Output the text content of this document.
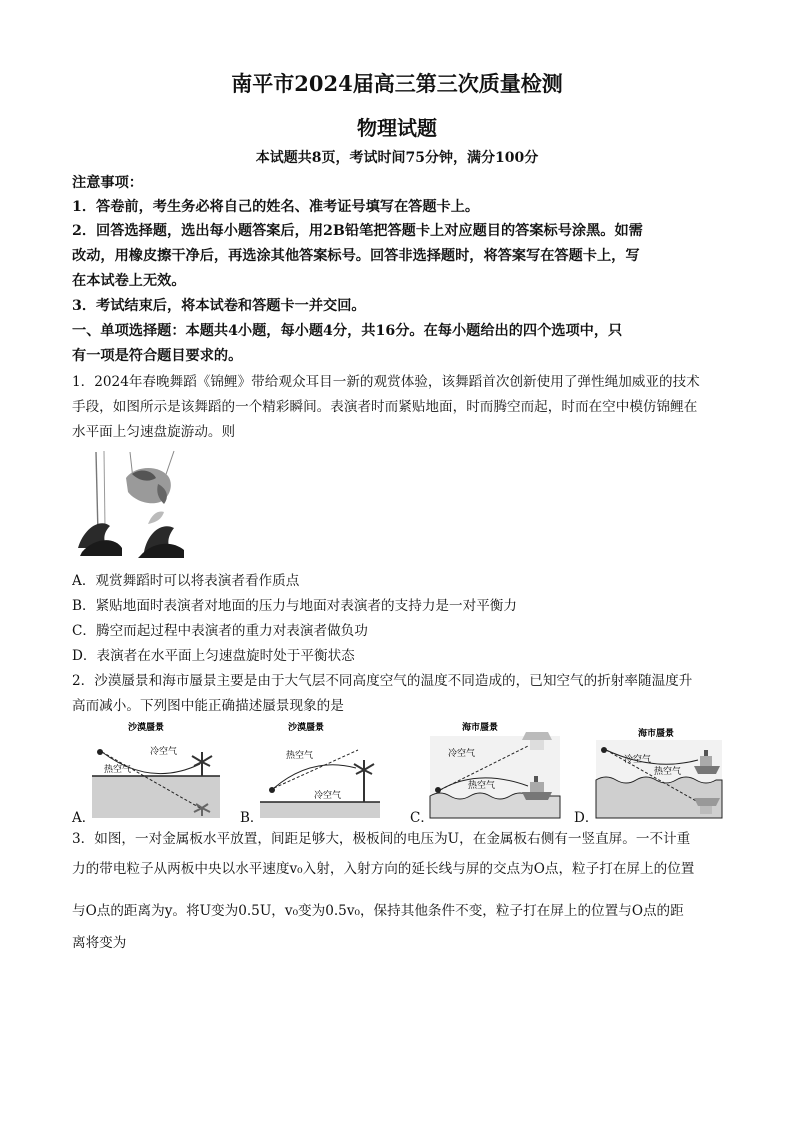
南平市2024届高三第三次质量检测
物理试题
本试题共8页，考试时间75分钟，满分100分
注意事项：
1．答卷前，考生务必将自己的姓名、准考证号填写在答题卡上。
2．回答选择题，选出每小题答案后，用2B铅笔把答题卡上对应题目的答案标号涂黑。如需
改动，用橡皮擦干净后，再选涂其他答案标号。回答非选择题时，将答案写在答题卡上，写
在本试卷上无效。
3．考试结束后，将本试卷和答题卡一并交回。
一、单项选择题：本题共4小题，每小题4分，共16分。在每小题给出的四个选项中，只
有一项是符合题目要求的。
1．2024年春晚舞蹈《锦鲤》带给观众耳目一新的观赏体验，该舞蹈首次创新使用了弹性绳加威亚的技术
手段，如图所示是该舞蹈的一个精彩瞬间。表演者时而紧贴地面，时而腾空而起，时而在空中模仿锦鲤在
水平面上匀速盘旋游动。则
A．观赏舞蹈时可以将表演者看作质点
B．紧贴地面时表演者对地面的压力与地面对表演者的支持力是一对平衡力
C．腾空而起过程中表演者的重力对表演者做负功
D．表演者在水平面上匀速盘旋时处于平衡状态
2．沙漠蜃景和海市蜃景主要是由于大气层不同高度空气的温度不同造成的，已知空气的折射率随温度升
高而减小。下列图中能正确描述蜃景现象的是
沙漠蜃景
冷空气
热空气
A．
沙漠蜃景
热空气
冷空气
B．
海市蜃景
冷空气
热空气
C．
海市蜃景
冷空气
热空气
D．
3．如图，一对金属板水平放置，间距足够大，极板间的电压为U，在金属板右侧有一竖直屏。一不计重
力的带电粒子从两板中央以水平速度v₀入射，入射方向的延长线与屏的交点为O点，粒子打在屏上的位置
与O点的距离为y。将U变为0.5U，v₀变为0.5v₀，保持其他条件不变，粒子打在屏上的位置与O点的距
离将变为
